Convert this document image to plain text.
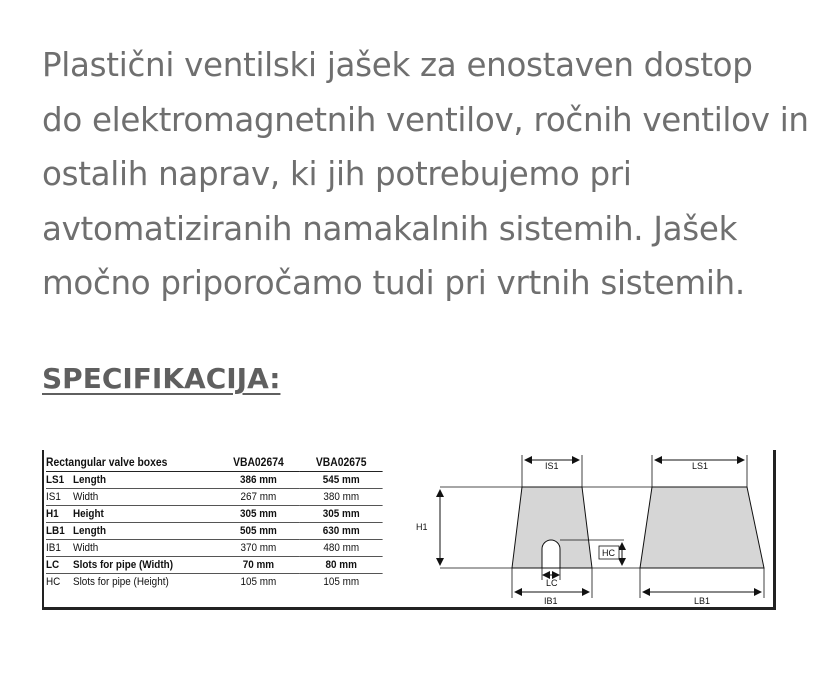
Plastični ventilski jašek za enostaven dostop
do elektromagnetnih ventilov, ročnih ventilov in
ostalih naprav, ki jih potrebujemo pri
avtomatiziranih namakalnih sistemih. Jašek
močno priporočamo tudi pri vrtnih sistemih.
SPECIFIKACIJA:
Rectangular valve boxes		VBA02674	VBA02675
LS1	Length	386 mm	545 mm
IS1	Width	267 mm	380 mm
H1	Height	305 mm	305 mm
LB1	Length	505 mm	630 mm
IB1	Width	370 mm	480 mm
LC	Slots for pipe (Width)	70 mm	80 mm
HC	Slots for pipe (Height)	105 mm	105 mm
H1
IS1
HC
LC
IB1
LS1
LB1
